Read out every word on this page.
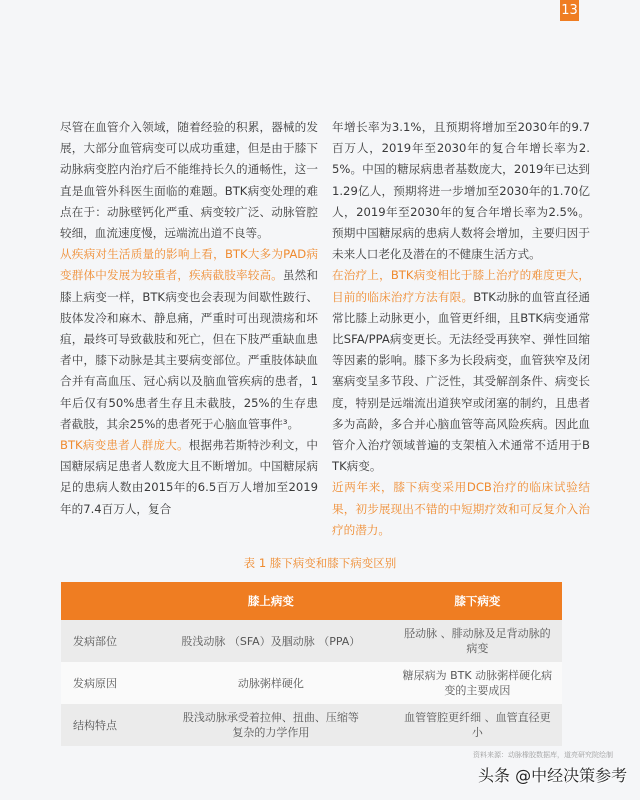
13

尽管在血管介入领域，随着经验的积累，器械的发展，大部分血管病变可以成功重建，但是由于膝下动脉病变腔内治疗后不能维持长久的通畅性，这一直是血管外科医生面临的难题。BTK病变处理的难点在于：动脉壁钙化严重、病变较广泛、动脉管腔较细，血流速度慢，远端流出道不良等。

从疾病对生活质量的影响上看，BTK大多为PAD病变群体中发展为较重者，疾病截肢率较高。虽然和膝上病变一样，BTK病变也会表现为间歇性跛行、肢体发冷和麻木、静息痛，严重时可出现溃疡和坏疽，最终可导致截肢和死亡，但在下肢严重缺血患者中，膝下动脉是其主要病变部位。严重肢体缺血合并有高血压、冠心病以及脑血管疾病的患者，1年后仅有50%患者生存且未截肢，25%的生存患者截肢，其余25%的患者死于心脑血管事件³。

BTK病变患者人群庞大。根据弗若斯特沙利文，中国糖尿病足患者人数庞大且不断增加。中国糖尿病足的患病人数由2015年的6.5百万人增加至2019年的7.4百万人，复合

年增长率为3.1%，且预期将增加至2030年的9.7百万人，2019年至2030年的复合年增长率为2.5%。中国的糖尿病患者基数庞大，2019年已达到1.29亿人，预期将进一步增加至2030年的1.70亿人，2019年至2030年的复合年增长率为2.5%。预期中国糖尿病的患病人数将会增加，主要归因于未来人口老化及潜在的不健康生活方式。

在治疗上，BTK病变相比于膝上治疗的难度更大，目前的临床治疗方法有限。BTK动脉的血管直径通常比膝上动脉更小，血管更纤细，且BTK病变通常比SFA/PPA病变更长。无法经受再狭窄、弹性回缩等因素的影响。膝下多为长段病变，血管狭窄及闭塞病变呈多节段、广泛性，其受解剖条件、病变长度，特别是远端流出道狭窄或闭塞的制约，且患者多为高龄，多合并心脑血管等高风险疾病。因此血管介入治疗领域普遍的支架植入术通常不适用于BTK病变。

近两年来，膝下病变采用DCB治疗的临床试验结果，初步展现出不错的中短期疗效和可反复介入治疗的潜力。

表 1 膝下病变和膝下病变区别
	膝上病变	膝下病变
发病部位	股浅动脉 （SFA）及腘动脉 （PPA）	胫动脉 、腓动脉及足背动脉的病变
发病原因	动脉粥样硬化	糖尿病为 BTK 动脉粥样硬化病变的主要成因
结构特点	股浅动脉承受着拉伸、扭曲、压缩等复杂的力学作用	血管管腔更纤细 、血管直径更小
资料来源：动脉橡胶数据库，道亮研究院绘制
头条 @中经决策参考
